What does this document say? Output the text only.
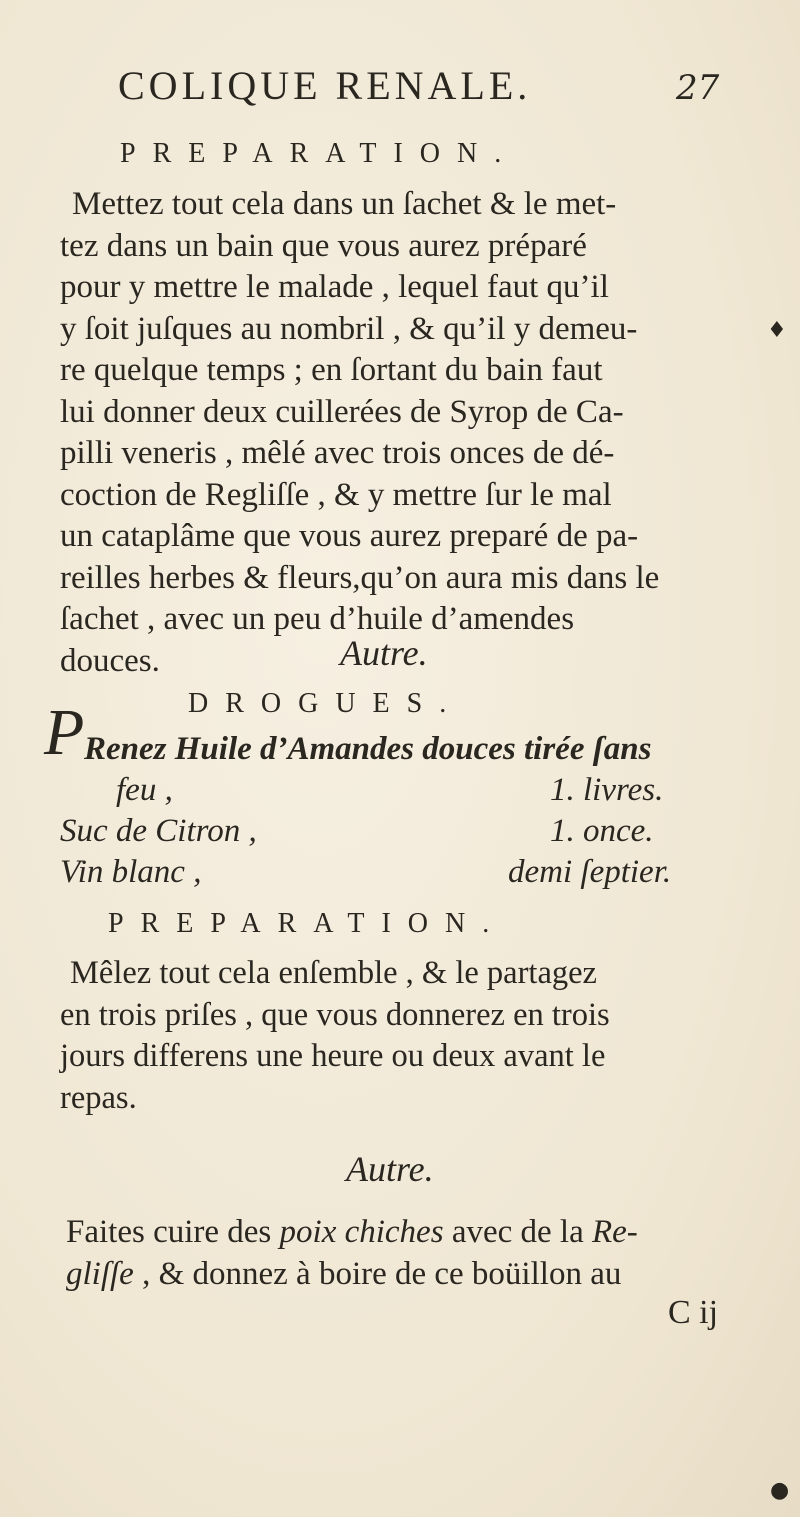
COLIQUE RENALE.	27
PREPARATION.
Mettez tout cela dans un ſachet & le met-
tez dans un bain que vous aurez préparé
pour y mettre le malade , lequel faut qu’il
y ſoit juſques au nombril , & qu’il y demeu-
re quelque temps ; en ſortant du bain faut
lui donner deux cuillerées de Syrop de Ca-
pilli veneris , mêlé avec trois onces de dé-
coction de Regliſſe , & y mettre ſur le mal
un cataplâme que vous aurez preparé de pa-
reilles herbes & fleurs,qu’on aura mis dans le
ſachet , avec un peu d’huile d’amendes
douces.	Autre.
DROGUES.
P Renez Huile d’Amandes douces tirée ſans
feu ,	1. livres.
Suc de Citron ,	1. once.
Vin blanc ,	demi ſeptier.
PREPARATION.
Mêlez tout cela enſemble , & le partagez
en trois priſes , que vous donnerez en trois
jours differens une heure ou deux avant le
repas.
Autre.
Faites cuire des poix chiches avec de la Re-
gliſſe , & donnez à boire de ce boüillon au
C ij
♦
●
